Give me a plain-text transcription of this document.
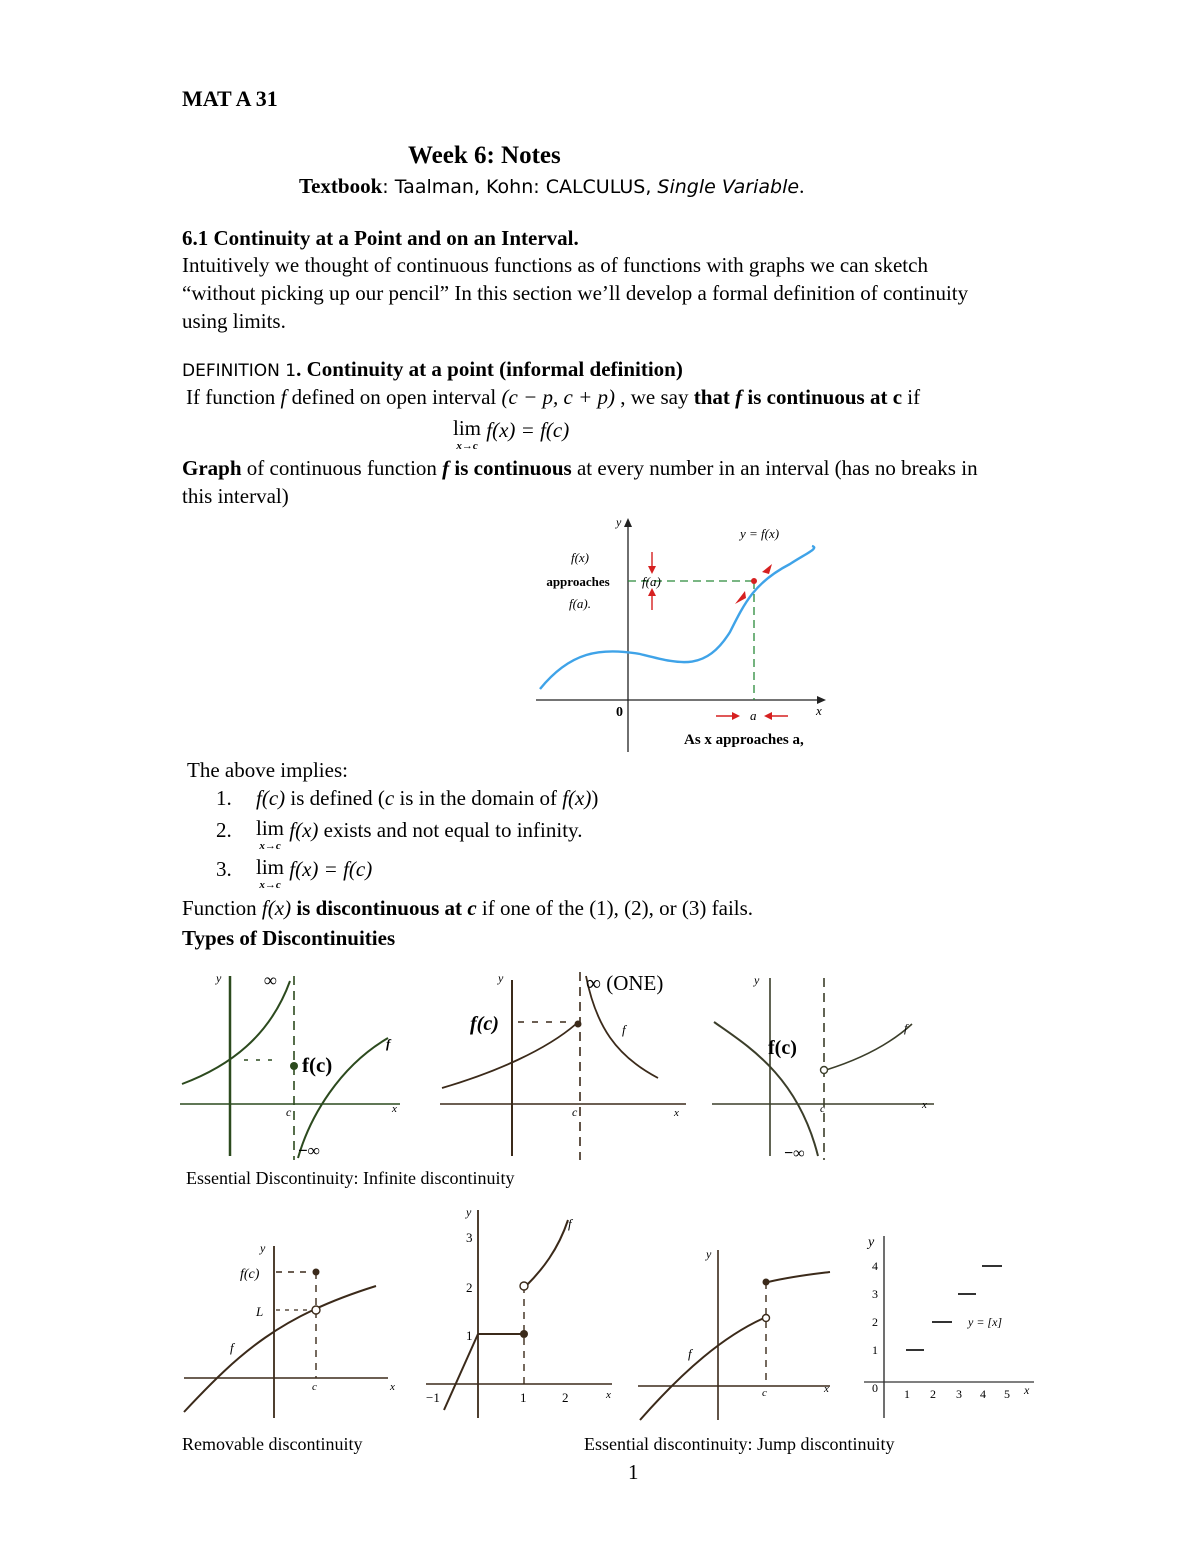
MAT A 31
Week 6: Notes
Textbook: Taalman, Kohn: CALCULUS, Single Variable.
6.1 Continuity at a Point and on an Interval.
Intuitively we thought of continuous functions as of functions with graphs we can sketch
“without picking up our pencil” In this section we’ll develop a formal definition of continuity
using limits.
DEFINITION 1. Continuity at a point (informal definition)
If function f defined on open interval (c − p, c + p) , we say that f is continuous at c if
lim
x→c
f(x) = f(c)
Graph of continuous function f is continuous at every number in an interval (has no breaks in
this interval)
y
x
0
f(a)
y = f(x)
f(x)
approaches
f(a).
a
As x approaches a,
The above implies:
1. f(c) is defined (c is in the domain of f(x))
2. lim
x→c
f(x) exists and not equal to infinity.
3. lim
x→c
f(x) = f(c)
Function f(x) is discontinuous at c if one of the (1), (2), or (3) fails.
Types of Discontinuities
y
x
∞
−∞
f(c)
f
c
y
x
∞ (ONE)
f(c)	f
c
y
x
−∞
f(c)
f
c
Essential Discontinuity: Infinite discontinuity
y
x
f(c)
L
f
c
y
x
f
3
2
1
−1	1	2
y
x
f
c
y
x
0
y = [x]
1
2
3
4
1 2 3 4 5
Removable discontinuity	Essential discontinuity: Jump discontinuity
1
